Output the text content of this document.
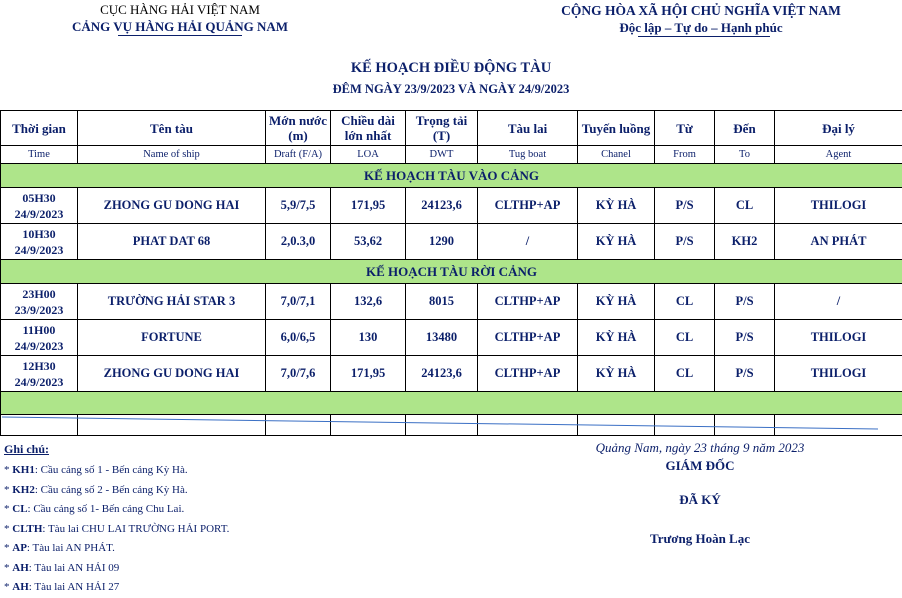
CỤC HÀNG HẢI VIỆT NAM
CẢNG VỤ HÀNG HẢI QUẢNG NAM
CỘNG HÒA XÃ HỘI CHỦ NGHĨA VIỆT NAM
Độc lập – Tự do – Hạnh phúc
KẾ HOẠCH ĐIỀU ĐỘNG TÀU
ĐÊM NGÀY 23/9/2023 VÀ NGÀY 24/9/2023
Thời gian	Tên tàu	Mớn nước (m)	Chiều dài lớn nhất	Trọng tải (T)	Tàu lai	Tuyến luồng	Từ	Đến	Đại lý
Time	Name of ship	Draft (F/A)	LOA	DWT	Tug boat	Chanel	From	To	Agent
KẾ HOẠCH TÀU VÀO CẢNG									
05H30
24/9/2023	ZHONG GU DONG HAI	5,9/7,5	171,95	24123,6	CLTHP+AP	KỲ HÀ	P/S	CL	THILOGI
10H30
24/9/2023	PHAT DAT 68	2,0.3,0	53,62	1290	/	KỲ HÀ	P/S	KH2	AN PHÁT
KẾ HOẠCH TÀU RỜI CẢNG									
23H00
23/9/2023	TRƯỜNG HẢI STAR 3	7,0/7,1	132,6	8015	CLTHP+AP	KỲ HÀ	CL	P/S	/
11H00
24/9/2023	FORTUNE	6,0/6,5	130	13480	CLTHP+AP	KỲ HÀ	CL	P/S	THILOGI
12H30
24/9/2023	ZHONG GU DONG HAI	7,0/7,6	171,95	24123,6	CLTHP+AP	KỲ HÀ	CL	P/S	THILOGI

Ghi chú:
* KH1: Cầu cảng số 1 - Bến cảng Kỳ Hà.
* KH2: Cầu cảng số 2 - Bến cảng Kỳ Hà.
* CL: Cầu cảng số 1- Bến cảng Chu Lai.
* CLTH: Tàu lai CHU LAI TRƯỜNG HẢI PORT.
* AP: Tàu lai AN PHÁT.
* AH: Tàu lai AN HẢI 09
* AH: Tàu lai AN HẢI 27
Quảng Nam, ngày 23 tháng 9 năm 2023
GIÁM ĐỐC
ĐÃ KÝ
Trương Hoàn Lạc
